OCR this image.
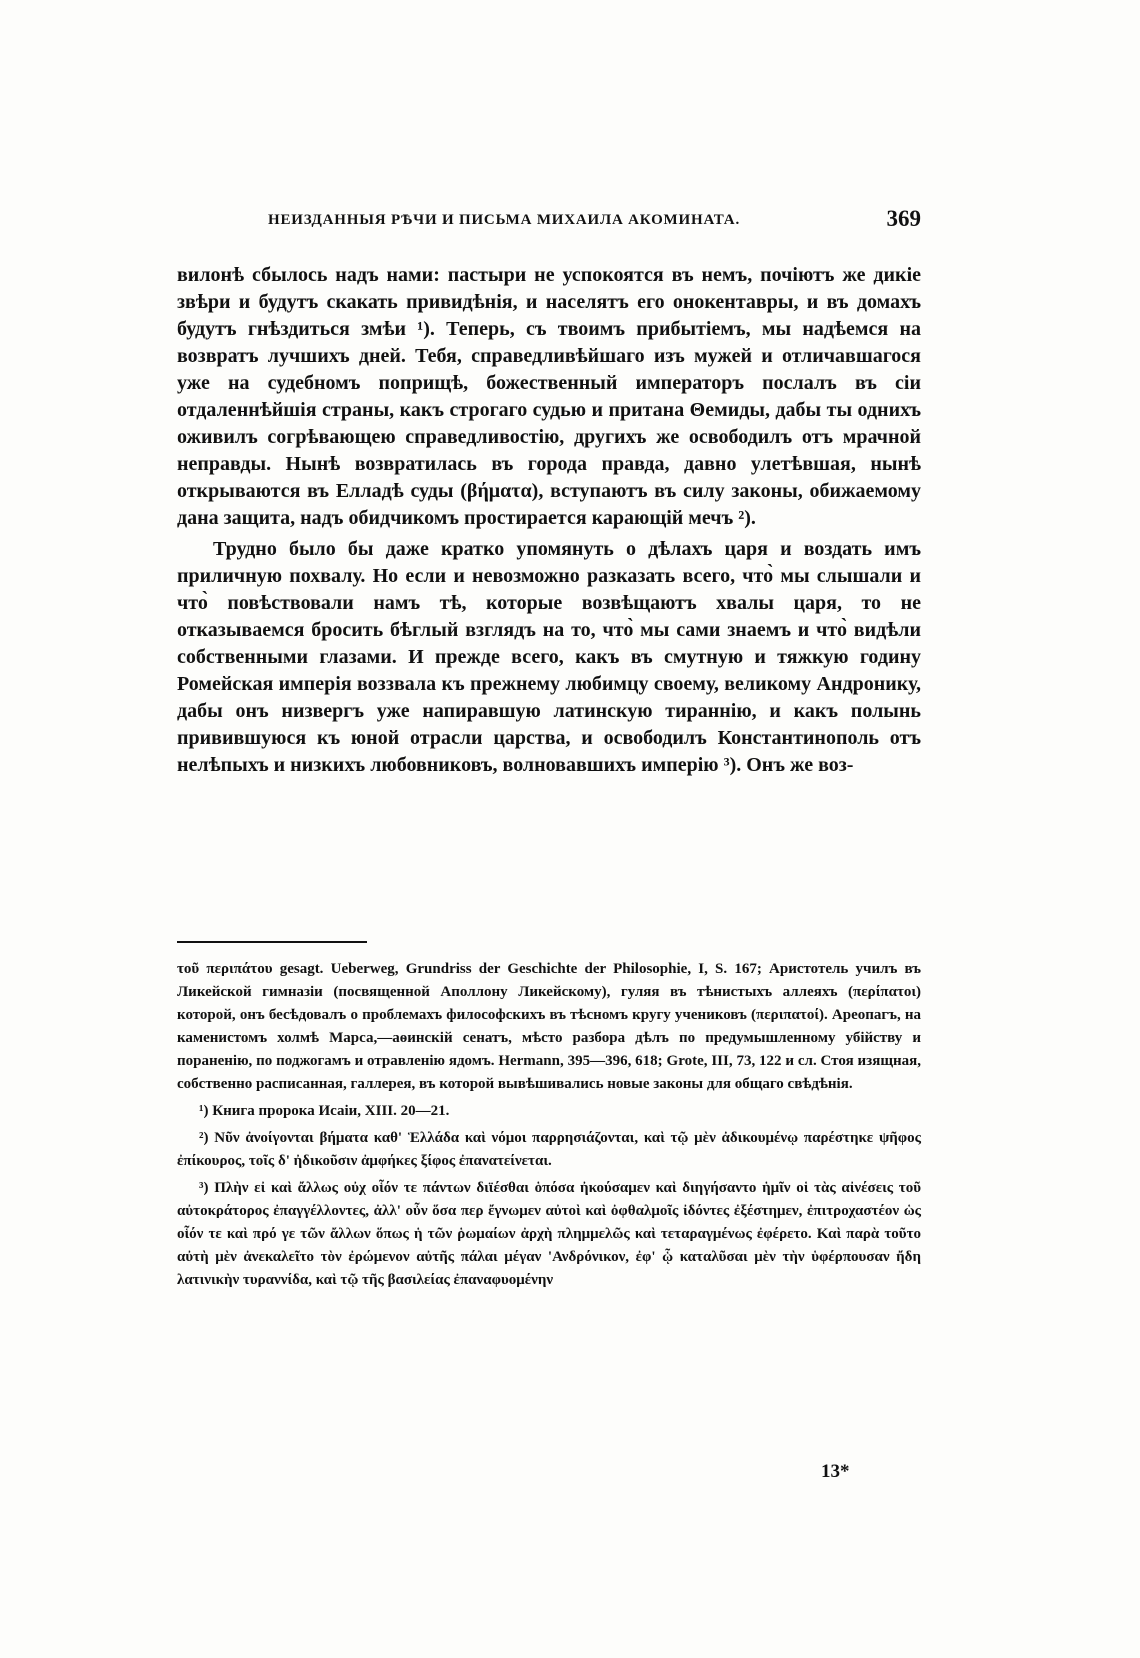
НЕИЗДАННЫЯ РѢЧИ И ПИСЬМА МИХАИЛА АКОМИНАТА.	369

вилонѣ сбылось надъ нами: пастыри не успокоятся въ немъ, почіютъ же дикіе звѣри и будутъ скакать привидѣнія, и населятъ его онокентавры, и въ домахъ будутъ гнѣздиться змѣи ¹). Теперь, съ твоимъ прибытіемъ, мы надѣемся на возвратъ лучшихъ дней. Тебя, справедливѣйшаго изъ мужей и отличавшагося уже на судебномъ поприщѣ, божественный императоръ послалъ въ сіи отдаленнѣйшія страны, какъ строгаго судью и притана Θемиды, дабы ты однихъ оживилъ согрѣвающею справедливостію, другихъ же освободилъ отъ мрачной неправды. Нынѣ возвратилась въ города правда, давно улетѣвшая, нынѣ открываются въ Елладѣ суды (βήματα), вступаютъ въ силу законы, обижаемому дана защита, надъ обидчикомъ простирается карающій мечъ ²).

Трудно было бы даже кратко упомянуть о дѣлахъ царя и воздать имъ приличную похвалу. Но если и невозможно разказать всего, что̀ мы слышали и что̀ повѣствовали намъ тѣ, которые возвѣщаютъ хвалы царя, то не отказываемся бросить бѣглый взглядъ на то, что̀ мы сами знаемъ и что̀ видѣли собственными глазами. И прежде всего, какъ въ смутную и тяжкую годину Ромейская имперія воззвала къ прежнему любимцу своему, великому Андронику, дабы онъ низвергъ уже напиравшую латинскую тираннію, и какъ полынь привившуюся къ юной отрасли царства, и освободилъ Константинополь отъ нелѣпыхъ и низкихъ любовниковъ, волновавшихъ имперію ³). Онъ же воз-

τοῦ περιπάτου gesagt. Ueberweg, Grundriss der Geschichte der Philosophie, I, S. 167; Аристотель училъ въ Ликейской гимназіи (посвященной Аполлону Ликейскому), гуляя въ тѣнистыхъ аллеяхъ (περίπατοι) которой, онъ бесѣдовалъ о проблемахъ философскихъ въ тѣсномъ кругу учениковъ (περιπατοί). Ареопагъ, на каменистомъ холмѣ Марса,—аѳинскій сенатъ, мѣсто разбора дѣлъ по предумышленному убійству и пораненію, по поджогамъ и отравленію ядомъ. Hermann, 395—396, 618; Grote, III, 73, 122 и сл. Стоя изящная, собственно расписанная, галлерея, въ которой вывѣшивались новые законы для общаго свѣдѣнія.

¹) Книга пророка Исаіи, XIII. 20—21.

²) Νῦν ἀνοίγονται βήματα καθ' Ἑλλάδα καὶ νόμοι παρρησιάζονται, καὶ τῷ μὲν ἀδικουμένῳ παρέστηκε ψῆφος ἐπίκουρος, τοῖς δ' ἠδικοῦσιν ἀμφήκες ξίφος ἐπανατείνεται.

³) Πλὴν εἰ καὶ ἄλλως οὐχ οἷόν τε πάντων διϊέσθαι ὁπόσα ἠκούσαμεν καὶ διηγήσαντο ἡμῖν οἱ τὰς αἰνέσεις τοῦ αὐτοκράτορος ἐπαγγέλλοντες, ἀλλ' οὖν ὅσα περ ἔγνωμεν αὐτοὶ καὶ ὀφθαλμοῖς ἰδόντες ἐξέστημεν, ἐπιτροχαστέον ὡς οἷόν τε καὶ πρό γε τῶν ἄλλων ὅπως ἡ τῶν ῥωμαίων ἀρχὴ πλημμελῶς καὶ τεταραγμένως ἐφέρετο. Καὶ παρὰ τοῦτο αὐτὴ μὲν ἀνεκαλεῖτο τὸν ἐρώμενον αὐτῆς πάλαι μέγαν 'Ανδρόνικον, ἐφ' ᾧ καταλῦσαι μὲν τὴν ὑφέρπουσαν ἤδη λατινικὴν τυραννίδα, καὶ τῷ τῆς βασιλείας ἐπαναφυομένην

13*
